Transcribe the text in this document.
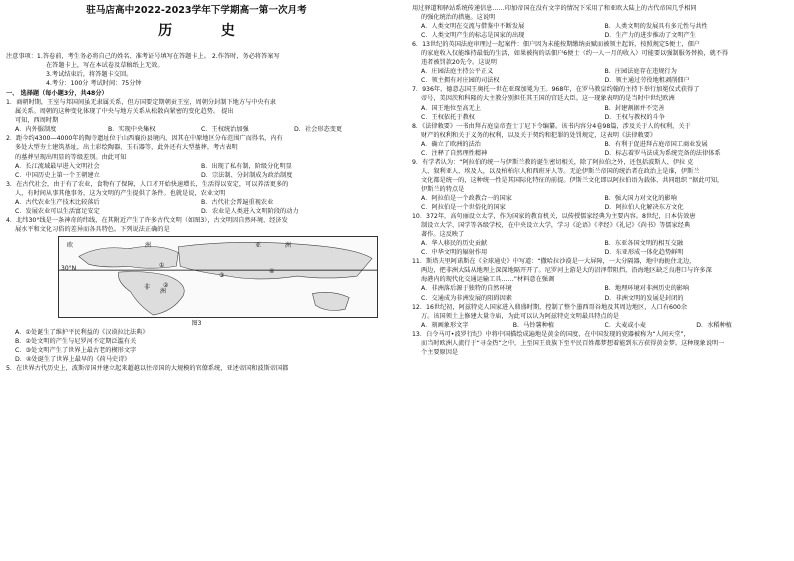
驻马店高中2022-2023学年下学期高一第一次月考
历 史
注意事项：1.答卷前，考生务必将自己的姓名、准考证号填写在答题卡上。 2.作答时，务必将答案写
在答题卡上，写在本试卷及草稿纸上无效。
3.考试结束后，将答题卡交回。
4.考分：100分 考试时间：75分钟
一、 选择题（每小题3分，共48分）
1．商朝时期，王室与邦国间虽无隶属关系，但方国要定期朝贡王室，周朝分封制下地方与中央有隶
属关系。周朝的这种变化体现了中央与地方关系从松散向紧密的变化趋势。 提出
可知，西周时期
A．内外服制度	B．实现中央集权	C．王权统治加强	D．社会形态变更
2．距今约4300—4000年的陶寺遗址位于山西襄汾县境内，因其在中原地区分布范围广而得名，内有
多处大型夯土建筑基址，出土彩绘陶器、玉石器等，此外还有大型墓葬。考古表明
的墓葬呈现出明显的等级差别。由此可知
A．长江流域最早进入文明社会	B．出现了私有制，阶级分化明显
C．中国历史上第一个王朝建立	D．宗法制、分封制成为政治制度
3．在古代社会，由于有了农业，食物有了保障，人口才开始快速增长，生活得以安定，可以养活更多的
人，有时间从事其他事务，这为文明的产生提供了条件。也就是说，农业文明
A．古代农业生产技术比较落后	B．古代社会普遍重视农业
C．发展农业可以生活富足安定	D．农业是人类进入文明阶段的动力
4．北纬30°线是一条神奇的纬线，在其附近产生了许多古代文明（如图3），古文明因自然环境、经济发
展水平和文化习俗的差异而各具特色。下列说法正确的是
欧	洲	亚	洲
非
洲
30°N	①
②
③
④
图3
A．①处诞生了维护平民利益的《汉谟拉比法典》
B．②处文明的产生与尼罗河不定期泛滥有关
C．③处文明产生了世界上最古老的楔形文字
D．④处诞生了世界上最早的《荷马史诗》
5．在世界古代历史上，波斯帝国并建立起来超越以往帝国的大规模的官僚系统，亚述帝国和波斯帝国都
用过驿道和驿站系统传递信息……印加帝国在没有文字的情况下采用了和亚欧大陆上的古代帝国几乎相同
的强化统治的措施。这说明
A．人类文明在交流与借鉴中不断发展	B．人类文明的发展具有多元性与共性
C．人类文明产生的标志是国家的出现	D．生产力的进步推动了文明产生
6．13世纪的英国法庭审理过一起案件：佃户因为未能按期缴纳贡赋而被领主起诉，按照规定5便士，佃户
的家庭收入仅能维持最低的生活，如果被拘的话佃户6便士（约一人一月的收入）可能要以强制服务替换，就不得
违者被罚款20先令。这说明
A．庄园法庭主持公平正义	B．庄园法庭存在违规行为
C．领主拥有对庄园的司法权	D．领主通过劳役地租剥削佃户
7．936年，德意志国王奥托一世在亚琛加冕为王。968年，在罗马教皇约翰的主持下举行加冕仪式获得了
帝号，美因茨和科隆的大主教分别担任其王国的宫廷大臣。这一现象表明的是当时中世纪欧洲
A．国王地位至高无上	B．封建割据并不完善
C．王权依托于教权	D．王权与教权的斗争
8．《法律敕要》一书由拜占庭皇帝查士丁尼下令编纂。该书内容分4卷98篇，涉及关于人的权利，关于
财产的权利和关于义务的权利，以及关于契约和犯罪的处罚规定，这表明《法律敕要》
A．确立了欧洲的法治	B．有利于促进拜占庭帝国工商业发展
C．注释了自然理性精神	D．标志着罗马法成为系统完备的法律体系
9．有学者认为：“阿拉伯的统一与伊斯兰教的诞生密切相关，除了阿拉伯之外，还包括波斯人、伊拉 克
人、叙利亚人、埃及人，以及柏柏尔人和西班牙人等。无论伊斯兰帝国的统治者在政治上是谁，伊斯兰
文化都是统一的，这种统一性是其国际化特征的前提。伊斯兰文化即以阿拉伯语为载体、共同组织 ”据此可知，
伊斯兰的特点是
A．阿拉伯是一个政教合一的国家	B．强大国力对文化的影响
C．阿拉伯是一个世俗化的国家	D．阿拉伯人化解决东方文化
10．372年，高句丽设立太学，作为国家的教育机关，以传授儒家经典为主要内容。8世纪，日本仿效唐
制设立大学、国学等各级学校，在中央设立大学，学习《论语》《孝经》《礼记》《尚书》等儒家经典
著作。这反映了
A．华人移民的历史贡献	B．东亚各国文明的相互交融
C．中华文明的辐射作用	D．东亚形成一体化趋势鲜明
11．斯塔夫里阿诺斯在《全球通史》中写道：“撒哈拉沙漠是一大屏障，一大分隔器，地中海扼住北边，
两边，把非洲大陆从地理上深深地隔开开了。尼罗河上游是大的沼泽带阻挡，沿海地区缺乏良港口与许多深
海港内的现代化交通运输工具……”材料意在强调
A．非洲落后源于独特的自然环境	B．地理环境对非洲历史的影响
C．交通成为非洲发展的阻碍因素	D．非洲文明的发展是封闭的
12．16世纪初，阿兹特克人国家进入鼎盛时期，控制了整个墨西哥谷地及其周边地区，人口有600余
万。该国领土上修建大量寺庙，为此可以认为阿兹特克文明最具特点的是
A．刻画象形文字	B．马铃薯种植	C．大麦或小麦	D．水稻种植
13．白令马可•波罗行纪》中将中国描绘成遍地是黄金的国度，在中国发现的瓷器被称为“人间天堂”，
而当时欧洲人流行于“寻金热”之中，上至国王贵族下至平民百姓都梦想着能到东方获得黄金梦。这种现象说明一
个主要原因是
